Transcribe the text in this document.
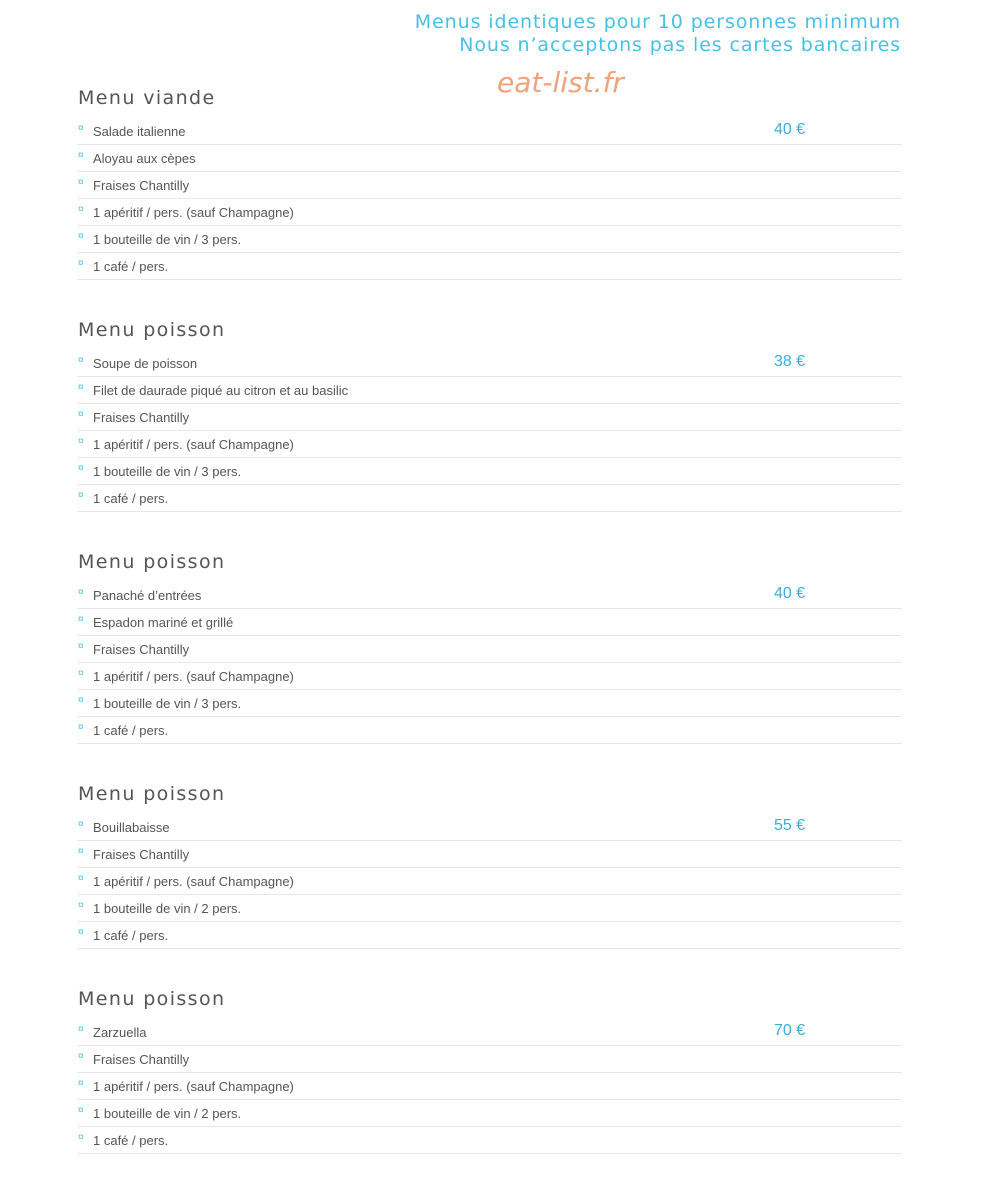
Menus identiques pour 10 personnes minimum
Nous n’acceptons pas les cartes bancaires
eat-list.fr
Menu viande
¤ Salade italienne	40 €
¤ Aloyau aux cèpes
¤ Fraises Chantilly
¤ 1 apéritif / pers. (sauf Champagne)
¤ 1 bouteille de vin / 3 pers.
¤ 1 café / pers.
Menu poisson
¤ Soupe de poisson	38 €
¤ Filet de daurade piqué au citron et au basilic
¤ Fraises Chantilly
¤ 1 apéritif / pers. (sauf Champagne)
¤ 1 bouteille de vin / 3 pers.
¤ 1 café / pers.
Menu poisson
¤ Panaché d’entrées	40 €
¤ Espadon mariné et grillé
¤ Fraises Chantilly
¤ 1 apéritif / pers. (sauf Champagne)
¤ 1 bouteille de vin / 3 pers.
¤ 1 café / pers.
Menu poisson
¤ Bouillabaisse	55 €
¤ Fraises Chantilly
¤ 1 apéritif / pers. (sauf Champagne)
¤ 1 bouteille de vin / 2 pers.
¤ 1 café / pers.
Menu poisson
¤ Zarzuella	70 €
¤ Fraises Chantilly
¤ 1 apéritif / pers. (sauf Champagne)
¤ 1 bouteille de vin / 2 pers.
¤ 1 café / pers.
